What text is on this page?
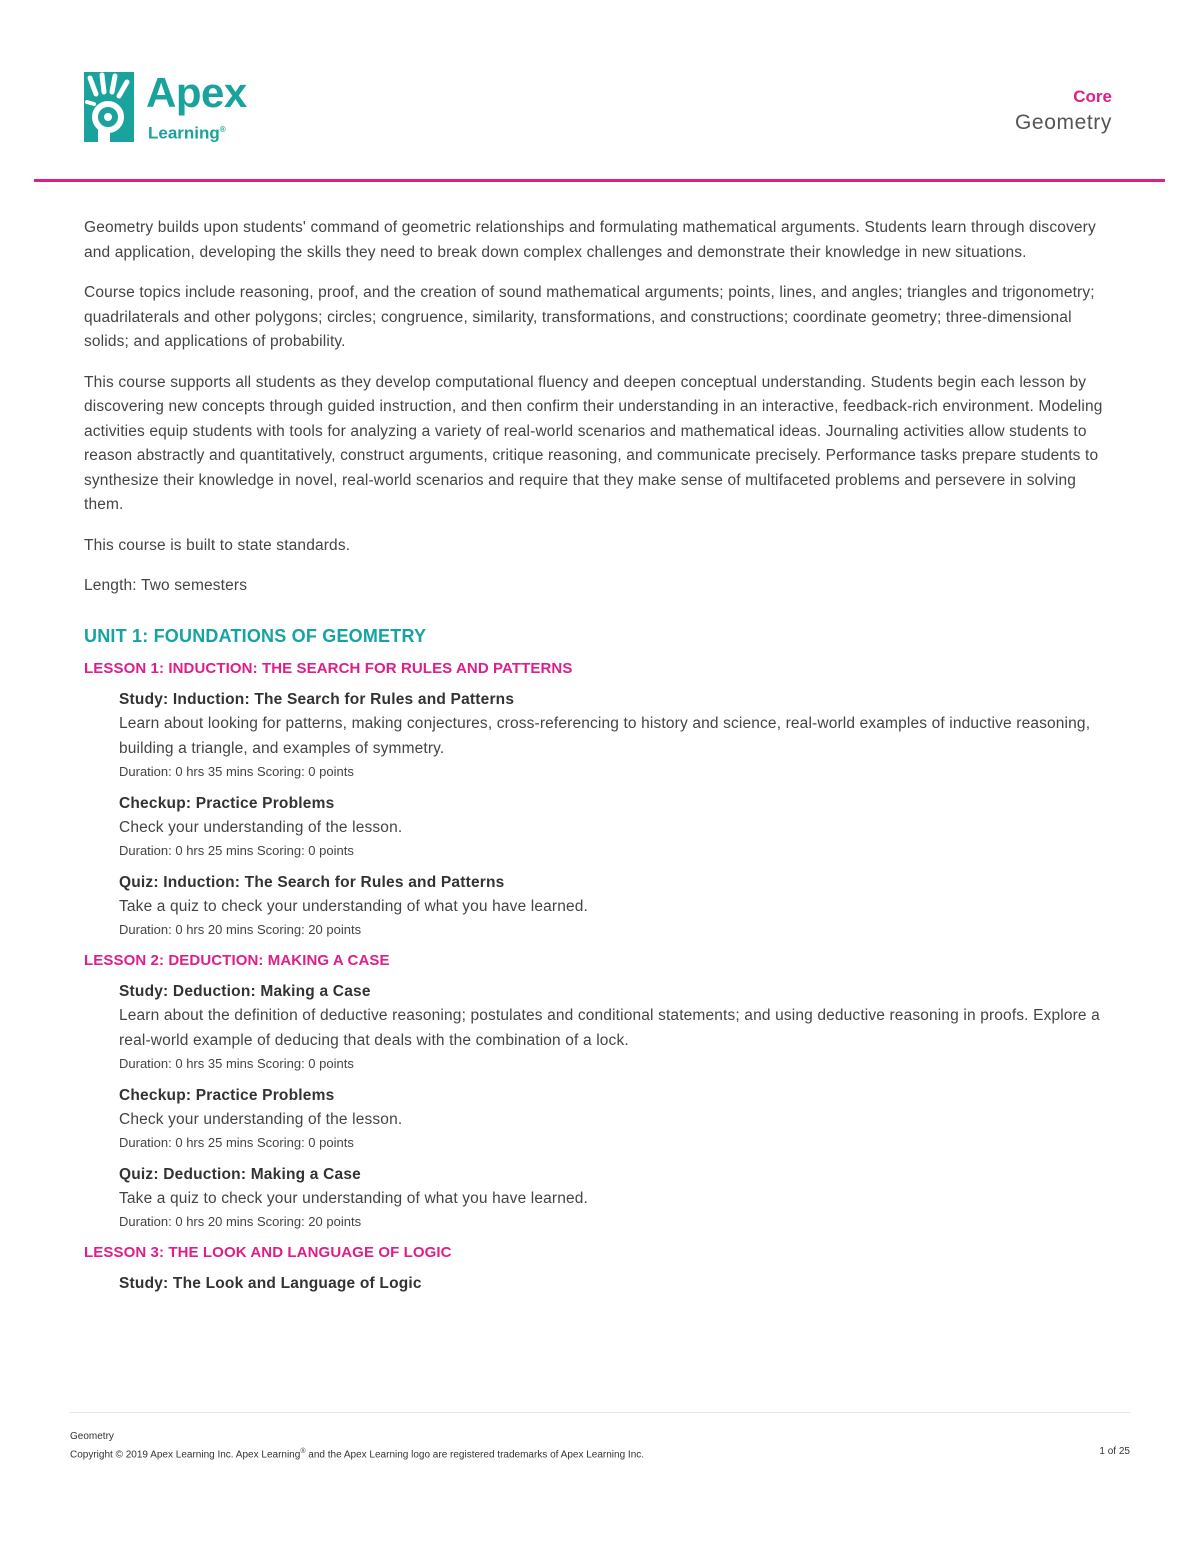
Apex
Learning®
Core
Geometry

Geometry builds upon students' command of geometric relationships and formulating mathematical arguments. Students learn through discovery and application, developing the skills they need to break down complex challenges and demonstrate their knowledge in new situations.

Course topics include reasoning, proof, and the creation of sound mathematical arguments; points, lines, and angles; triangles and trigonometry; quadrilaterals and other polygons; circles; congruence, similarity, transformations, and constructions; coordinate geometry; three-dimensional solids; and applications of probability.

This course supports all students as they develop computational fluency and deepen conceptual understanding. Students begin each lesson by discovering new concepts through guided instruction, and then confirm their understanding in an interactive, feedback-rich environment. Modeling activities equip students with tools for analyzing a variety of real-world scenarios and mathematical ideas. Journaling activities allow students to reason abstractly and quantitatively, construct arguments, critique reasoning, and communicate precisely. Performance tasks prepare students to synthesize their knowledge in novel, real-world scenarios and require that they make sense of multifaceted problems and persevere in solving them.

This course is built to state standards.

Length: Two semesters

UNIT 1: FOUNDATIONS OF GEOMETRY
LESSON 1: INDUCTION: THE SEARCH FOR RULES AND PATTERNS
Study: Induction: The Search for Rules and Patterns
Learn about looking for patterns, making conjectures, cross-referencing to history and science, real-world examples of inductive reasoning, building a triangle, and examples of symmetry.
Duration: 0 hrs 35 mins Scoring: 0 points
Checkup: Practice Problems
Check your understanding of the lesson.
Duration: 0 hrs 25 mins Scoring: 0 points
Quiz: Induction: The Search for Rules and Patterns
Take a quiz to check your understanding of what you have learned.
Duration: 0 hrs 20 mins Scoring: 20 points
LESSON 2: DEDUCTION: MAKING A CASE
Study: Deduction: Making a Case
Learn about the definition of deductive reasoning; postulates and conditional statements; and using deductive reasoning in proofs. Explore a real-world example of deducing that deals with the combination of a lock.
Duration: 0 hrs 35 mins Scoring: 0 points
Checkup: Practice Problems
Check your understanding of the lesson.
Duration: 0 hrs 25 mins Scoring: 0 points
Quiz: Deduction: Making a Case
Take a quiz to check your understanding of what you have learned.
Duration: 0 hrs 20 mins Scoring: 20 points
LESSON 3: THE LOOK AND LANGUAGE OF LOGIC
Study: The Look and Language of Logic
Geometry
Copyright © 2019 Apex Learning Inc. Apex Learning® and the Apex Learning logo are registered trademarks of Apex Learning Inc.	1 of 25
